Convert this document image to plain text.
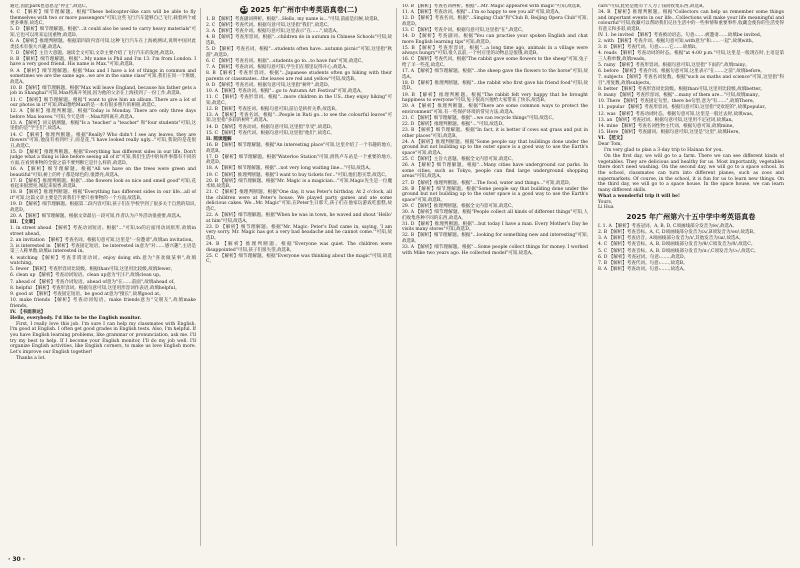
通过,因此park也意思是"停止",故选C。
4. C 【解析】细节理解题。根据"These helicopter-like cars will be able to fly themselves with two or more passengers"可知,这些飞行汽车能够自己飞行,载着两个或更多乘客,故选C。
5. D 【解析】细节理解题。根据"...it could also be used to carry heavy materials"可知,它也可以用来运送重物,故选D。
6. A 【解析】推理判断题。根据第四段内容可知,这种飞行汽车在上海被测试,说明中国对此类技术有很大兴趣,故选A。
7. D 【解析】主旨大意题。通读全文可知,文章主要介绍了飞行汽车的发展,故选D。
8. B 【解析】细节理解题。根据"...My name is Phil and I'm 13. I'm from London. I have a very good friend. His name is Max."可知,故选B。
9. A 【解析】细节理解题。根据"Max and I have a lot of things in common and sometimes we are the same age...we are in the same class"可知,我们在同一个班级,故选A。
10. B 【解析】细节理解题。根据"Max will leave England, because his father gets a job in Shanghai"可知,Max将离开英国,因为他的父亲在上海找到了一份工作,故选B。
11. C 【解析】细节理解题。根据"I want to give him an album. There are a lot of our photos in it"可知,Phil想给Max的是一本有很多照片的相册,故选C。
12. A 【解析】推理判断题。根据"Today is Monday. There are only three days before Max leaves."可知,今天是周一,Max周四离开,故选A。
13. A 【解析】词义猜测题。根据"Is a 'teacher' a "teacher" 和"four students"可知,这里指的是"学生们",故选A。
14. C 【解析】推理判断题。根据"Really? Who didn't I see any leaves, they are flowers"可知,他没有看到叶子,而是花,"I have looked really ugly..."可知,我说的是花很丑,故选C。
15. D 【解析】推理判断题。根据"Everything has different sides in our life. Don't judge what a thing is like before seeing all of it"可知,我们生活中的每件事都有不同的方面,在看到事物的全貌之前不要判断它是什么样的,故选D。
16. A 【解析】细节理解题。根据"All we have on the trees were green and beautiful"可知,树上的叶子都是绿色的,很漂亮,故选A。
17. B 【解析】推理判断题。根据"...the flowers look so nice and smell good"可知,花看起来很漂亮,闻起来很香,故选B。
18. B 【解析】推理判断题。根据"Everything has different sides in our life...all of it"可知,这篇文章主要是告诉我们不要只看事物的一个方面,故选B。
19. D 【解析】细节理解题。根据第二段内容可知,孩子们在学校学到了很多关于自然的知识,故选D。
20. A 【解析】细节理解题。根据文章最后一段可知,作者认为户外活动很重要,故选A。
III. 【文章】
1. in street ahead 【解析】考查动词短语。根据"..."可知,to的后面用动词原形,故填in street ahead。
2. an invitation 【解析】考查名词。根据句意可知,这里是"一份邀请",故填an invitation。
3. is interested in 【解析】考查固定短语。be interested in意为"对……感兴趣",主语是第三人称单数,故填is interested in。
4. watching 【解析】考查非谓语动词。enjoy doing sth.意为"喜欢做某事",故填watching。
5. fewer 【解析】考查形容词比较级。根据than可知,这里用比较级,故填fewer。
6. clean up 【解析】考查动词短语。clean up意为"打扫",故填clean up。
7. ahead of 【解析】考查介词短语。ahead of意为"在……前面",故填ahead of。
8. helpful 【解析】考查形容词。根据句意可知,这里用形容词作表语,故填helpful。
9. good at 【解析】考查固定短语。be good at意为"擅长",故填good at。
10. make friends 【解析】考查动词短语。make friends意为"交朋友",故填make friends。
IV. 【书面表达】
Hello, everybody. I'd like to be the English monitor.
First, I really love this job. I'm sure I can help my classmates with English. I'm good at English. I often get good grades in English tests. Also, I'm helpful. If you have English learning problems, like grammar or pronunciation, ask me. I'll try my best to help. If I become your English monitor, I'll do my job well. I'll organize English activities, like English corners, to make us love English more. Let's improve our English together!
Thanks a lot.
25 2025 年广州市中考英语真卷(二)
1. B 【解析】考查副词辨析。根据"...Hello, my name is..."可知,前面是问候,故选B。
2. C 【解析】考查代词。根据句意可知,这里指"我们",故选C。
3. A 【解析】考查介词。根据句意可知,这里表示"在……",故选A。
4. B 【解析】考查形容词。根据"...children do in autumn in Chinese Schools"可知,故选B。
5. D 【解析】考查名词。根据"...students often have...autumn picnic"可知,这里指"秋游",故选D。
6. C 【解析】考查名词。根据"...students go to...to have fun"可知,故选C。
7. A 【解析】考查动词。根据句意可知,学生们在那里玩得开心,故选A。
8. B 【解析】考查形容词。根据"...Japanese students often go hiking with their parents or classmates...the leaves are red and yellow"可知,故选B。
9. D 【解析】考查名词。根据句意可知,这里指"树叶",故选D。
10. A 【解析】考查动词。根据"...go to Autumn Art Festival"可知,故选A。
11. C 【解析】考查形容词。根据"...more children in the US...they enjoy hiking"可知,故选C。
12. B 【解析】考查连词。根据句意可知,前后是转折关系,故选B。
13. A 【解析】考查名词。根据"...People in Ruti go...to see the colourful leaves"可知,这里指"多彩的树叶",故选A。
14. D 【解析】考查动词。根据句意可知,这里指"享受",故选D。
15. C 【解析】考查代词。根据句意可知,这里指"他们",故选C。
II. 阅读理解
16. B 【解析】细节理解题。根据"An interesting place"可知,这里介绍了一个有趣的地方,故选B。
17. D 【解析】细节理解题。根据"Waterloo Station"可知,滑铁卢车站是一个重要的地方,故选D。
18. A 【解析】细节理解题。根据"...not very long waiting line..."可知,故选A。
19. C 【解析】推理判断题。根据"I want to buy tickets for..."可知,他们想买票,故选C。
20. B 【解析】细节理解题。根据"Mr. Magic is a magician..."可知,Magic先生是一位魔术师,故选B。
21. C 【解析】推理判断题。根据"One day, it was Peter's birthday. At 2 o'clock, all the children were at Peter's house. We played party games and ate some delicious cakes. We...Mr. Magic"可知,在Peter生日那天,孩子们在他家玩游戏吃蛋糕,故选C。
22. A 【解析】细节理解题。根据"When he was in town, he waved and shout 'Hello' at him"可知,故选A。
23. D 【解析】细节理解题。根据"Mr. Magic: Peter's Dad came in, saying, 'I am very sorry. Mr. Magic has got a very bad headache and he cannot come.'"可知,故选D。
24. B 【解析】推理判断题。根据"Everyone was quiet. The children were disappointed"可知,孩子们很失望,故选B。
25. C 【解析】细节理解题。根据"Everyone was thinking about the magic"可知,故选C。
10. B 【解析】考查名词辨析。根据"...Mr. Magic appeared with magic"可知,故选B。
11. A 【解析】考查动词。根据"...I'm so happy to see you all"可知,故选A。
12. D 【解析】考查名词。根据"...Singing Club"和"Club B, Beijing Opera Club"可知,故选D。
13. C 【解析】考查介词。根据句意可知,这里指"在",故选C。
14. D 【解析】考查副词。根据"You can practise your spoken English and chat more English learning tips"可知,故选D。
15. B 【解析】考查形容词。根据"...a long time ago, animals in a village were always hungry"可知,很久以前,一个村庄里的动物总是很饿,故选B。
16. C 【解析】考查代词。根据"The rabbit gave some flowers to the sheep"可知,兔子给了羊一些花,故选C。
17. A 【解析】细节理解题。根据"...the sheep gave the flowers to the horse"可知,故选A。
18. D 【解析】推理判断题。根据"...the rabbit who first gave his friend food"可知,故选D。
19. B 【解析】推理判断题。根据"The rabbit felt very happy that he brought happiness to everyone"可知,兔子很高兴他给大家带来了快乐,故选B。
20. A 【解析】推理判断题。根据"There are some common ways to protect the environment"可知,有一些保护环境的常见方法,故选A。
21. C 【解析】细节理解题。根据"...we can recycle things"可知,故选C。
22. D 【解析】推理判断题。根据"..."可知,故选D。
23. B 【解析】细节理解题。根据"In fact, it is better if cows eat grass and put in other places"可知,故选B。
24. A 【解析】推理判断题。根据"Some people say that buildings done under the ground but not building up to the outer space is a good way to use the Earth's space"可知,故选A。
25. C 【解析】主旨大意题。根据全文内容可知,故选C。
26. A 【解析】细节理解题。根据"...Many cities have underground car parks. In some cities, such as Tokyo, people can find large underground shopping areas"可知,故选A。
27. D 【解析】推理判断题。根据"...The food, water and things..."可知,故选D。
28. B 【解析】细节理解题。根据"Some people say that building done under the ground but not building up to the outer space is a good way to use the Earth's space"可知,故选B。
29. C 【解析】推理判断题。根据全文内容可知,故选C。
30. A 【解析】细节理解题。根据"People collect all kinds of different things"可知,人们收集各种不同的东西,故选A。
31. D 【解析】推理判断题。根据"...but today I have a man. Every Mother's Day he visits many stores"可知,故选D。
32. B 【解析】细节理解题。根据"...looking for something new and interesting"可知,故选B。
33. A 【解析】细节理解题。根据"...Some people collect things for money. I worked with Mike two years ago. He collected model"可知,故选A。
cars"可知,此处是他有个人为了钱而收集东西,故选B。
34. B 【解析】推理判断题。根据"Collectors can help us remember some things and important events in our life...Collections will make your life meaningful and colourful"可知,收藏可以帮助我们记住生活中的一些事情和重要事件,收藏会使你的生活变得有意义和多彩,故选B。
IV. 1. be invited 【解析】考查被动语态。句意:……被邀请……故填be invited。
2. with 【解析】考查介词。根据句意可知,with意为"和……一起",故填with。
3. it 【解析】考查代词。句意:……它……故填it。
4. reads 【解析】考查动词的时态。根据"at 4:00 p.m."可知,这里是一般现在时,主语是第三人称单数,故填reads。
5. rainy 【解析】考查形容词。根据句意可知,这里指"下雨的",故填rainy。
6. before 【解析】考查介词。根据句意可知,这里表示"在……之前",故填before。
7. subjects 【解析】考查名词复数。根据"such as maths and science"可知,这里指"科目",用复数,故填subjects。
8. better 【解析】考查形容词比较级。根据than可知,这里用比较级,故填better。
9. many 【解析】考查形容词。根据"...many of them are..."可知,故填many。
10. There 【解析】考查固定句型。there be句型,意为"有……",故填There。
11. popular 【解析】考查形容词。根据句意可知,这里指"受欢迎的",故填popular。
12. was 【解析】考查动词时态。根据句意可知,这里是一般过去时,故填was。
13. an 【解析】考查冠词。根据句意可知,这里用不定冠词,故填an。
14. mine 【解析】考查名词性物主代词。根据句意可知,故填mine。
15. Here 【解析】考查副词。根据句意可知,这里是"这里",故填Here。
VI. 【范文】
Dear Tom,
I'm very glad to plan a 3-day trip to Hainan for you.
On the first day, we will go to a farm. There we can see different kinds of vegetables. They are delicious and healthy for us. Most importantly, vegetables there don't need washing. On the second day, we will go to a space school. In the school, classmates can turn into different planes, such as zoos and supermarkets. Of course, in the school, it is fun for us to learn new things. On the third day, we will go to a space house. In the space house, we can learn many different skills.
What a wonderful trip it will be!
Yours,
Li Hua
2025 年广州第六十五中学中考英语真卷
I. 1. A 【解析】考查冠词。A, B, D, C项画线部分发音为/e/,故选A。
2. B 【解析】考查音标。A, C, D项画线部分发音为/ʌ/,B项发音为/əʊ/,故选B。
3. A 【解析】考查语音。A项画线部分发音为/ɪ/,其他发音为/aɪ/,故选A。
4. C 【解析】考查音标。A, B, D项画线部分发音为/θ/,C项发音为/ð/,故选C。
5. C 【解析】考查音标。A, B, D项画线部分发音为/ɑː/,C项发音为/ɔː/,故选C。
6. D 【解析】考查冠词。句意:……,故选D。
7. B 【解析】考查代词。句意:……,故选B。
8. A 【解析】考查动词。句意:……,故选A。
· 30 ·
